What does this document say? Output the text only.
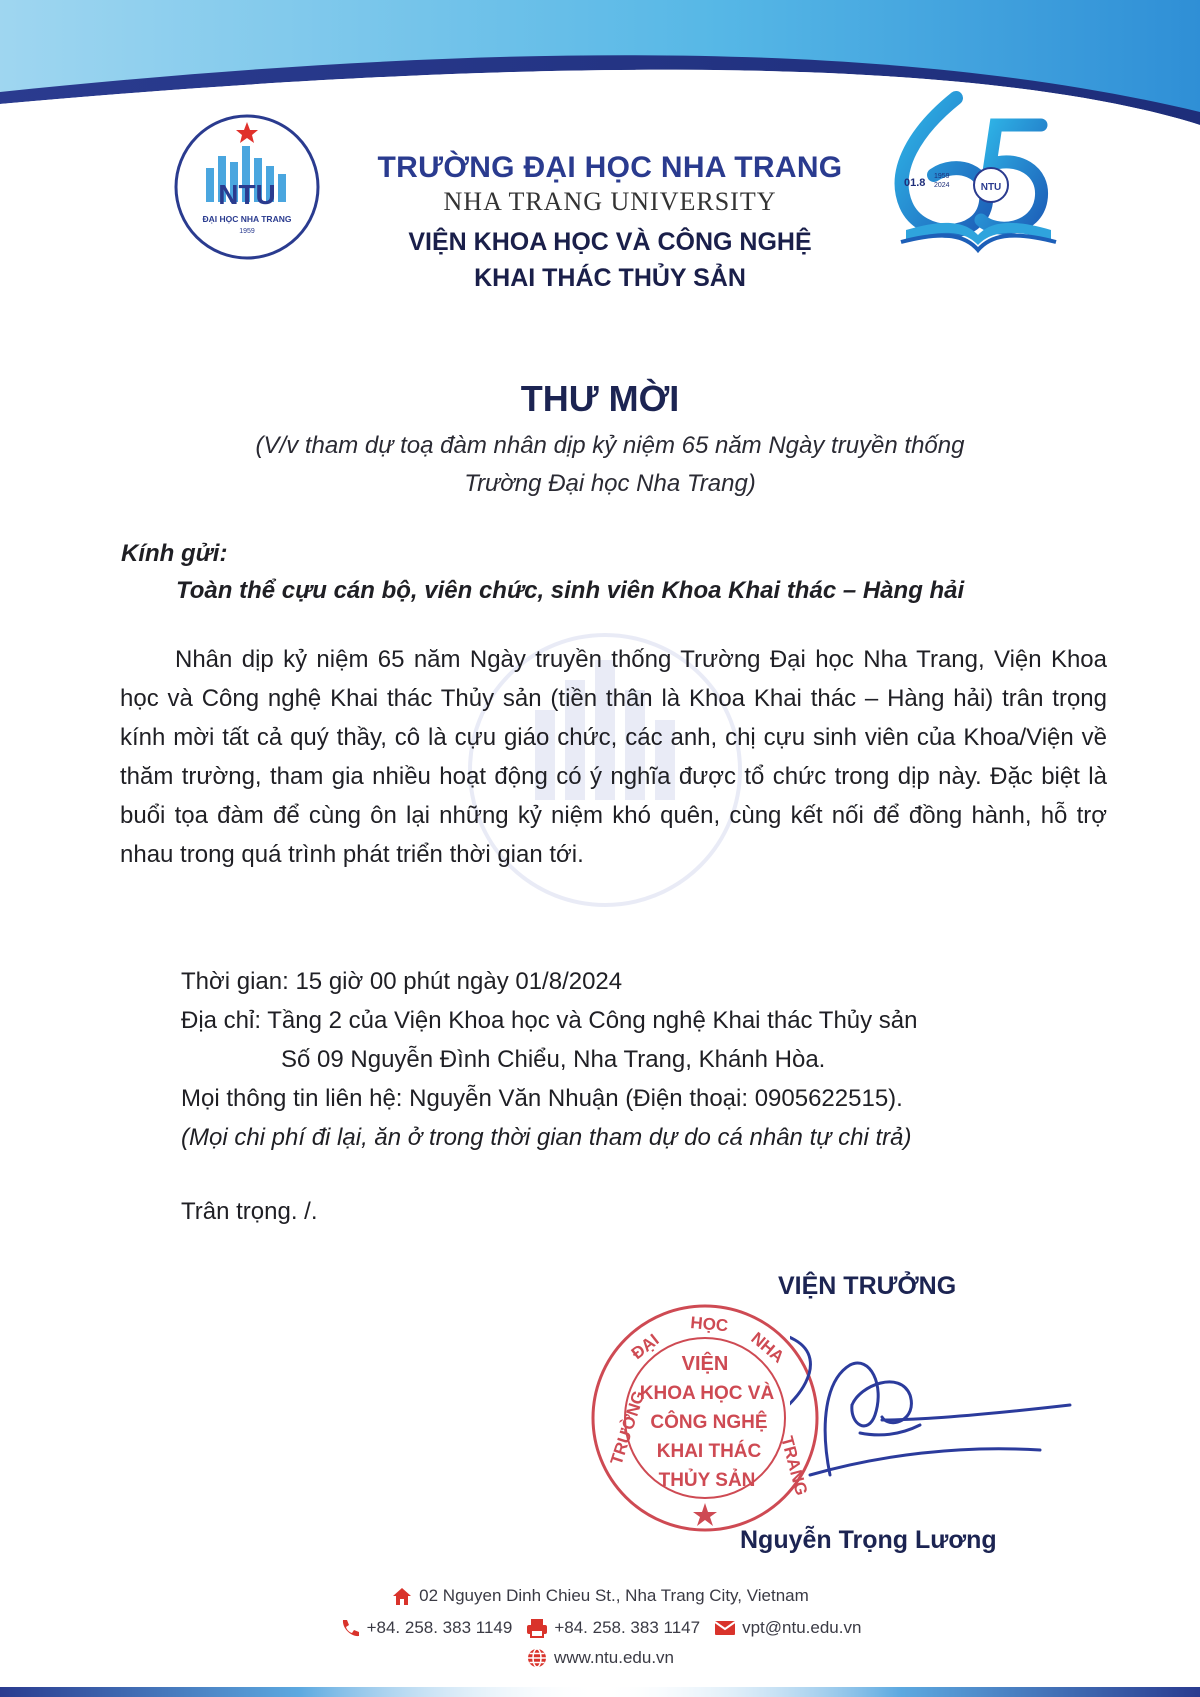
NTU
ĐẠI HỌC NHA TRANG
1959
01.8
1959
2024	NTU
TRƯỜNG ĐẠI HỌC NHA TRANG
NHA TRANG UNIVERSITY
VIỆN KHOA HỌC VÀ CÔNG NGHỆ
KHAI THÁC THỦY SẢN
THƯ MỜI
(V/v tham dự toạ đàm nhân dịp kỷ niệm 65 năm Ngày truyền thống
Trường Đại học Nha Trang)
Kính gửi:
Toàn thể cựu cán bộ, viên chức, sinh viên Khoa Khai thác – Hàng hải

Nhân dịp kỷ niệm 65 năm Ngày truyền thống Trường Đại học Nha Trang, Viện Khoa học và Công nghệ Khai thác Thủy sản (tiền thân là Khoa Khai thác – Hàng hải) trân trọng kính mời tất cả quý thầy, cô là cựu giáo chức, các anh, chị cựu sinh viên của Khoa/Viện về thăm trường, tham gia nhiều hoạt động có ý nghĩa được tổ chức trong dịp này. Đặc biệt là buổi tọa đàm để cùng ôn lại những kỷ niệm khó quên, cùng kết nối để đồng hành, hỗ trợ nhau trong quá trình phát triển thời gian tới.

Thời gian: 15 giờ 00 phút ngày 01/8/2024
Địa chỉ: Tầng 2 của Viện Khoa học và Công nghệ Khai thác Thủy sản
Số 09 Nguyễn Đình Chiểu, Nha Trang, Khánh Hòa.
Mọi thông tin liên hệ: Nguyễn Văn Nhuận (Điện thoại: 0905622515).
(Mọi chi phí đi lại, ăn ở trong thời gian tham dự do cá nhân tự chi trả)
Trân trọng. /.
VIỆN TRƯỞNG
TRƯỜNG
ĐẠI
HỌC
NHA
TRANG
VIỆN
KHOA HỌC VÀ
CÔNG NGHỆ
KHAI THÁC
THỦY SẢN
Nguyễn Trọng Lương
02 Nguyen Dinh Chieu St., Nha Trang City, Vietnam
+84. 258. 383 1149 +84. 258. 383 1147 vpt@ntu.edu.vn
www.ntu.edu.vn
